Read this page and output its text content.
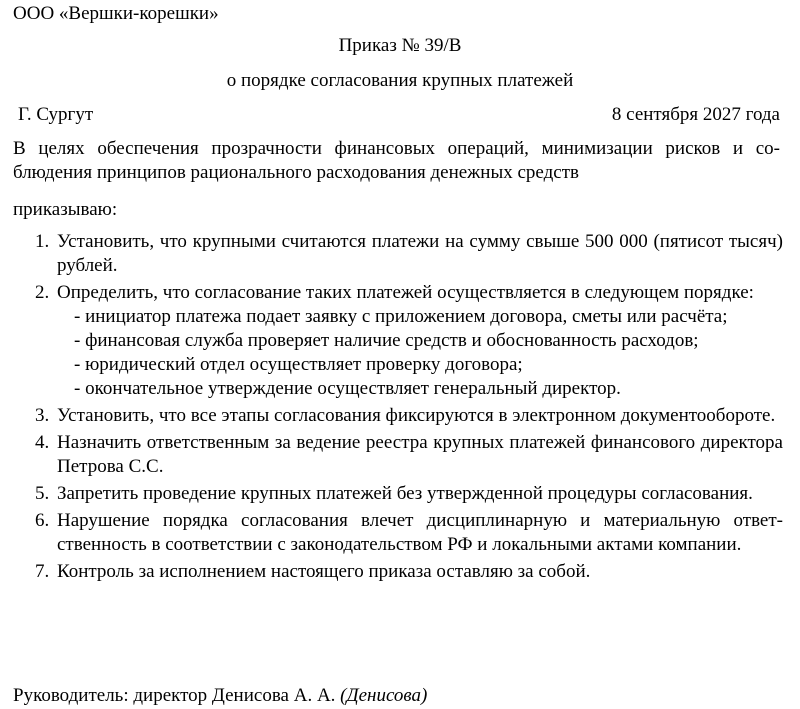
ООО «Вершки-корешки»
Приказ № 39/В
о порядке согласования крупных платежей
Г. Сургут	8 сентября 2027 года
В целях обеспечения прозрачности финансовых операций, минимизации рисков и соблюдения принципов рационального расходования денежных средств
приказываю:
1. Установить, что крупными считаются платежи на сумму свыше 500 000 (пятисот тысяч) рублей.
2. Определить, что согласование таких платежей осуществляется в следующем порядке:
- инициатор платежа подает заявку с приложением договора, сметы или расчёта;
- финансовая служба проверяет наличие средств и обоснованность расходов;
- юридический отдел осуществляет проверку договора;
- окончательное утверждение осуществляет генеральный директор.
3. Установить, что все этапы согласования фиксируются в электронном документообороте.
4. Назначить ответственным за ведение реестра крупных платежей финансового директора Петрова С.С.
5. Запретить проведение крупных платежей без утвержденной процедуры согласования.
6. Нарушение порядка согласования влечет дисциплинарную и материальную ответственность в соответствии с законодательством РФ и локальными актами компании.
7. Контроль за исполнением настоящего приказа оставляю за собой.
Руководитель: директор Денисова А. А. (Денисова)
